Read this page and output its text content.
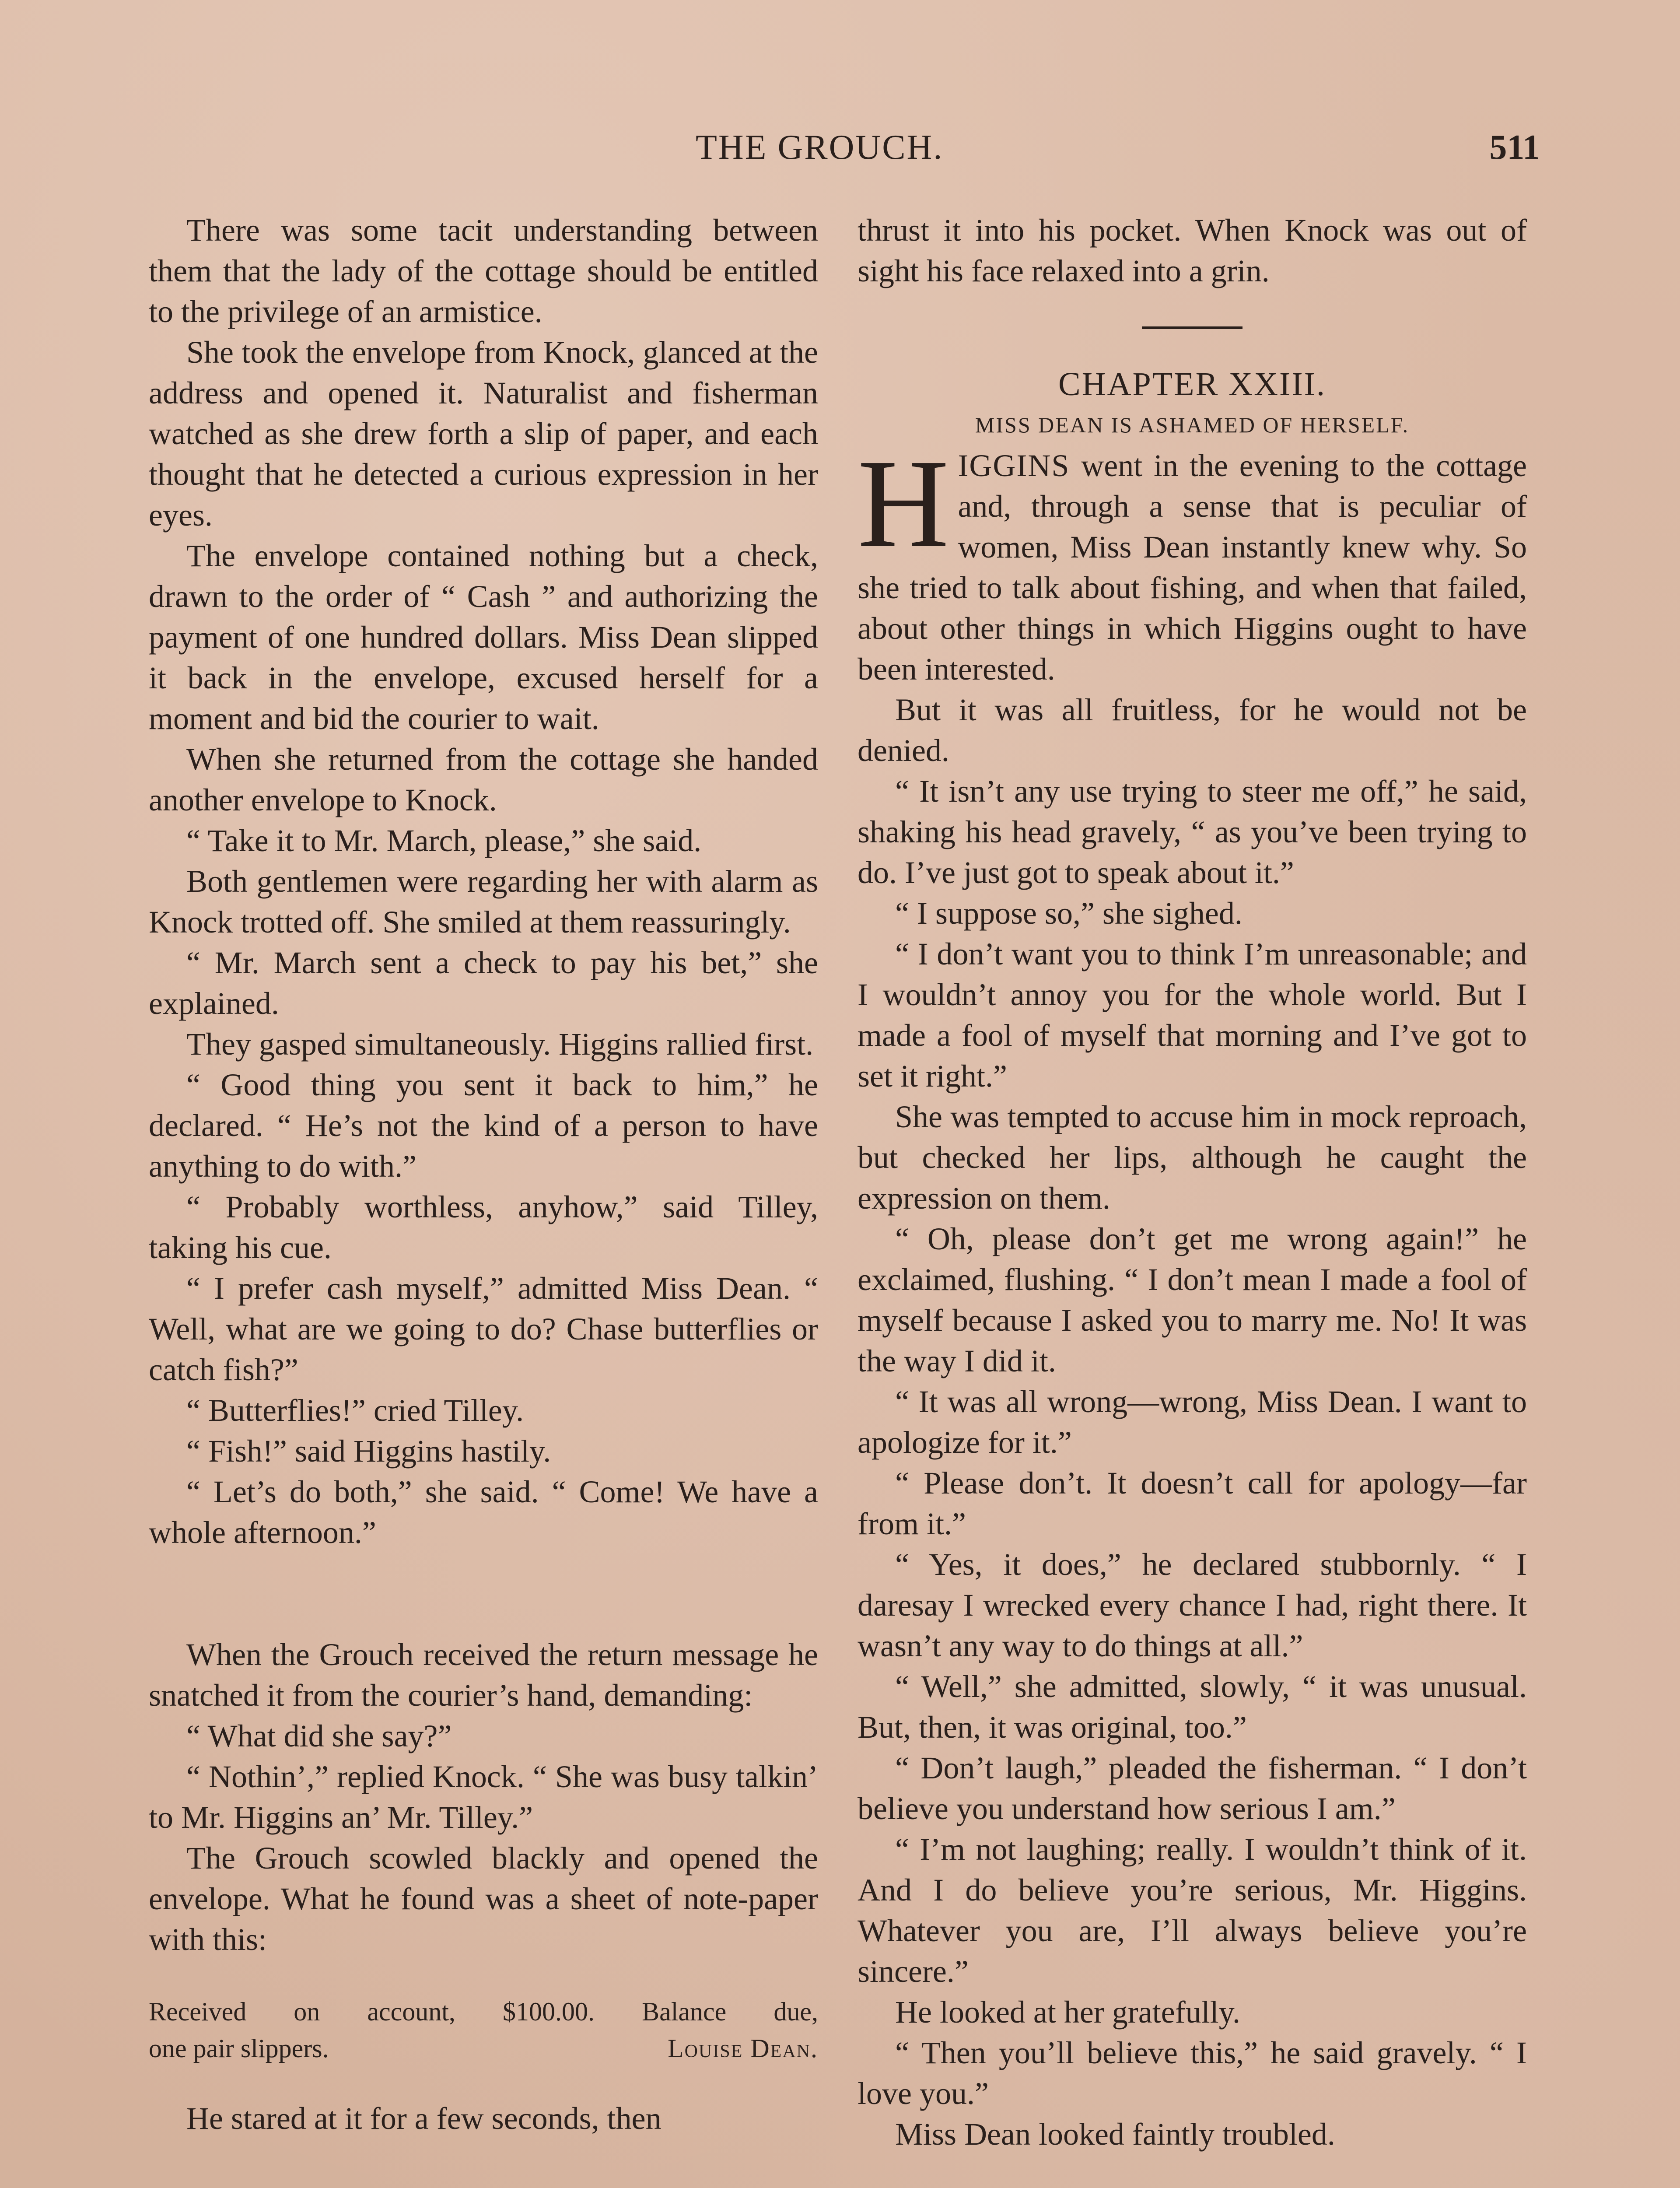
THE GROUCH.	511

There was some tacit understanding between them that the lady of the cottage should be entitled to the privilege of an armistice.

She took the envelope from Knock, glanced at the address and opened it. Naturalist and fisherman watched as she drew forth a slip of paper, and each thought that he detected a curious expression in her eyes.

The envelope contained nothing but a check, drawn to the order of “ Cash ” and authorizing the payment of one hundred dollars. Miss Dean slipped it back in the envelope, excused herself for a moment and bid the courier to wait.

When she returned from the cottage she handed another envelope to Knock.

“ Take it to Mr. March, please,” she said.

Both gentlemen were regarding her with alarm as Knock trotted off. She smiled at them reassuringly.

“ Mr. March sent a check to pay his bet,” she explained.

They gasped simultaneously. Higgins rallied first.

“ Good thing you sent it back to him,” he declared. “ He’s not the kind of a person to have anything to do with.”

“ Probably worthless, anyhow,” said Tilley, taking his cue.

“ I prefer cash myself,” admitted Miss Dean. “ Well, what are we going to do? Chase butterflies or catch fish?”

“ Butterflies!” cried Tilley.

“ Fish!” said Higgins hastily.

“ Let’s do both,” she said. “ Come! We have a whole afternoon.”

When the Grouch received the return message he snatched it from the courier’s hand, demanding:

“ What did she say?”

“ Nothin’,” replied Knock. “ She was busy talkin’ to Mr. Higgins an’ Mr. Tilley.”

The Grouch scowled blackly and opened the envelope. What he found was a sheet of note-paper with this:

Received on account, $100.00. Balance due,
one pair slippers.	Louise Dean.

He stared at it for a few seconds, then

thrust it into his pocket. When Knock was out of sight his face relaxed into a grin.

CHAPTER XXIII.

MISS DEAN IS ASHAMED OF HERSELF.

HIGGINS went in the evening to the cottage and, through a sense that is peculiar of women, Miss Dean instantly knew why. So she tried to talk about fishing, and when that failed, about other things in which Higgins ought to have been interested.

But it was all fruitless, for he would not be denied.

“ It isn’t any use trying to steer me off,” he said, shaking his head gravely, “ as you’ve been trying to do. I’ve just got to speak about it.”

“ I suppose so,” she sighed.

“ I don’t want you to think I’m unreasonable; and I wouldn’t annoy you for the whole world. But I made a fool of myself that morning and I’ve got to set it right.”

She was tempted to accuse him in mock reproach, but checked her lips, although he caught the expression on them.

“ Oh, please don’t get me wrong again!” he exclaimed, flushing. “ I don’t mean I made a fool of myself because I asked you to marry me. No! It was the way I did it.

“ It was all wrong—wrong, Miss Dean. I want to apologize for it.”

“ Please don’t. It doesn’t call for apology—far from it.”

“ Yes, it does,” he declared stubbornly. “ I daresay I wrecked every chance I had, right there. It wasn’t any way to do things at all.”

“ Well,” she admitted, slowly, “ it was unusual. But, then, it was original, too.”

“ Don’t laugh,” pleaded the fisherman. “ I don’t believe you understand how serious I am.”

“ I’m not laughing; really. I wouldn’t think of it. And I do believe you’re serious, Mr. Higgins. Whatever you are, I’ll always believe you’re sincere.”

He looked at her gratefully.

“ Then you’ll believe this,” he said gravely. “ I love you.”

Miss Dean looked faintly troubled.
